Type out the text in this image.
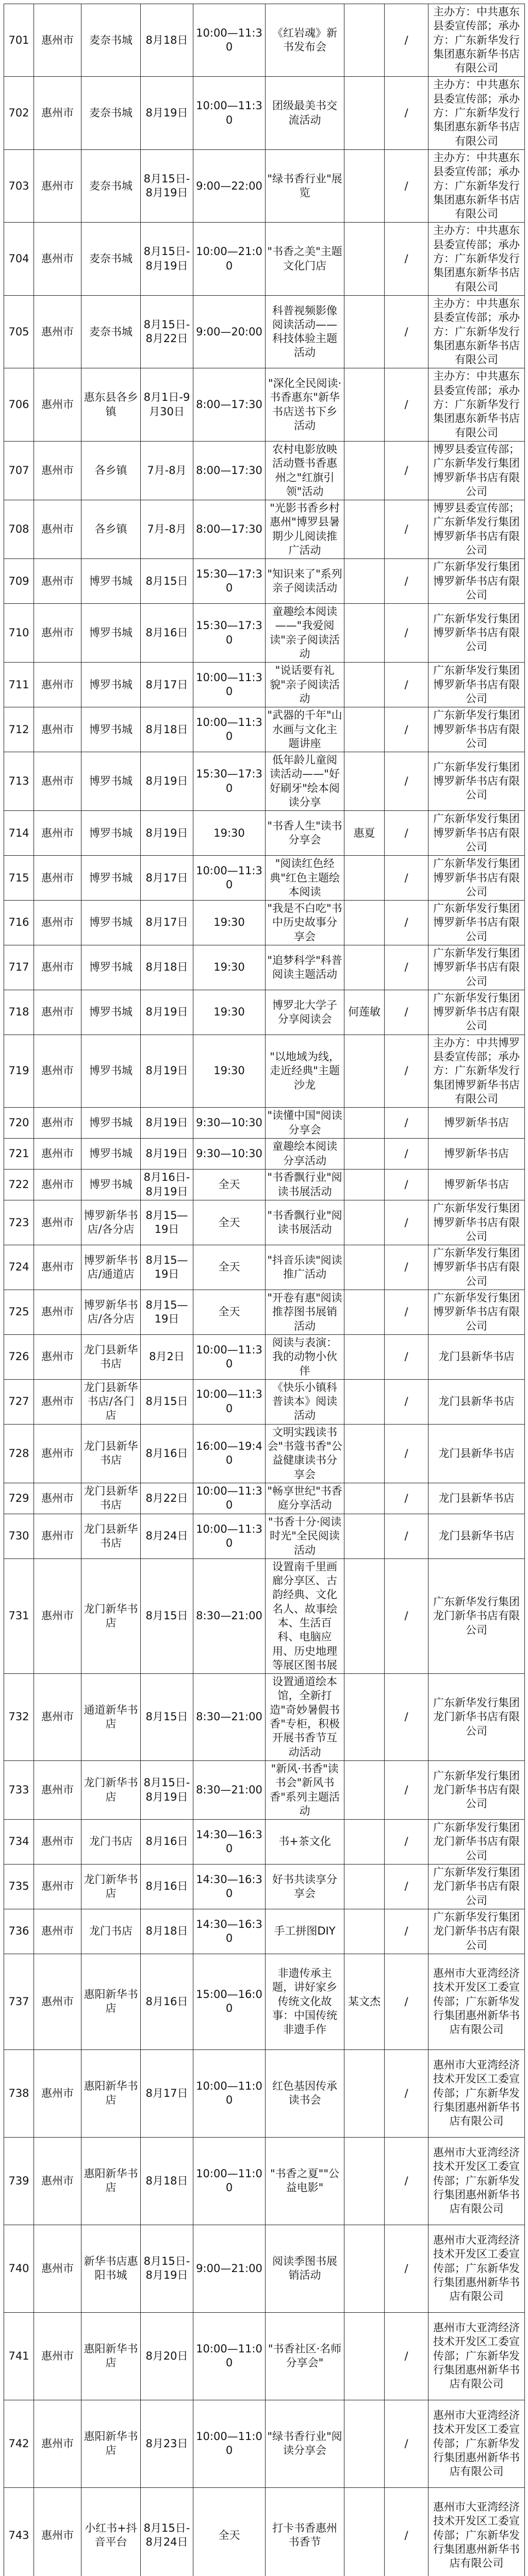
701	惠州市	麦奈书城	8月18日	10:00—11:30	《红岩魂》新书发布会		/	主办方：中共惠东县委宣传部；承办方：广东新华发行集团惠东新华书店有限公司
702	惠州市	麦奈书城	8月19日	10:00—11:30	团级最美书交流活动		/	主办方：中共惠东县委宣传部；承办方：广东新华发行集团惠东新华书店有限公司
703	惠州市	麦奈书城	8月15日-8月19日	9:00—22:00	"绿书香行业"展览		/	主办方：中共惠东县委宣传部；承办方：广东新华发行集团惠东新华书店有限公司
704	惠州市	麦奈书城	8月15日-8月19日	10:00—21:00	"书香之美"主题文化门店		/	主办方：中共惠东县委宣传部；承办方：广东新华发行集团惠东新华书店有限公司
705	惠州市	麦奈书城	8月15日-8月22日	9:00—20:00	科普视频影像阅读活动——科技体验主题活动		/	主办方：中共惠东县委宣传部；承办方：广东新华发行集团惠东新华书店有限公司
706	惠州市	惠东县各乡镇	8月1日-9月30日	8:00—17:30	"深化全民阅读·书香惠东"新华书店送书下乡活动		/	主办方：中共惠东县委宣传部；承办方：广东新华发行集团惠东新华书店有限公司
707	惠州市	各乡镇	7月-8月	8:00—17:30	农村电影放映活动暨书香惠州之"红旗引领"活动		/	博罗县委宣传部；广东新华发行集团博罗新华书店有限公司
708	惠州市	各乡镇	7月-8月	8:00—17:30	"光影书香乡村惠州"博罗县暑期少儿阅读推广活动		/	博罗县委宣传部；广东新华发行集团博罗新华书店有限公司
709	惠州市	博罗书城	8月15日	15:30—17:30	"知识来了"系列亲子阅读活动		/	广东新华发行集团博罗新华书店有限公司
710	惠州市	博罗书城	8月16日	15:30—17:30	童趣绘本阅读——"我爱阅读"亲子阅读活动		/	广东新华发行集团博罗新华书店有限公司
711	惠州市	博罗书城	8月17日	10:00—11:30	"说话要有礼貌"亲子阅读活动		/	广东新华发行集团博罗新华书店有限公司
712	惠州市	博罗书城	8月18日	10:00—11:30	"武器的千年"山水画与文化主题讲座		/	广东新华发行集团博罗新华书店有限公司
713	惠州市	博罗书城	8月19日	15:30—17:30	低年龄儿童阅读活动——"好好刷牙"绘本阅读分享		/	广东新华发行集团博罗新华书店有限公司
714	惠州市	博罗书城	8月19日	19:30	"书香人生"读书分享会	惠夏	/	广东新华发行集团博罗新华书店有限公司
715	惠州市	博罗书城	8月17日	10:00—11:30	"阅读红色经典"红色主题绘本阅读		/	广东新华发行集团博罗新华书店有限公司
716	惠州市	博罗书城	8月17日	19:30	"我是不白吃"书中历史故事分享会		/	广东新华发行集团博罗新华书店有限公司
717	惠州市	博罗书城	8月18日	19:30	"追梦科学"科普阅读主题活动		/	广东新华发行集团博罗新华书店有限公司
718	惠州市	博罗书城	8月19日	19:30	博罗北大学子分享阅读会	何莲敏	/	广东新华发行集团博罗新华书店有限公司
719	惠州市	博罗书城	8月19日	19:30	"以地域为线，走近经典"主题沙龙		/	主办方：中共博罗县委宣传部；承办方：广东新华发行集团博罗新华书店有限公司
720	惠州市	博罗书城	8月19日	9:30—10:30	"读懂中国"阅读分享会		/	博罗新华书店
721	惠州市	博罗书城	8月19日	9:30—10:30	童趣绘本阅读分享活动		/	博罗新华书店
722	惠州市	博罗书城	8月16日-8月19日	全天	"书香飘行业"阅读书展活动		/	博罗新华书店
723	惠州市	博罗新华书店/各分店	8月15—19日	全天	"书香飘行业"阅读书展活动		/	广东新华发行集团博罗新华书店有限公司
724	惠州市	博罗新华书店/通道店	8月15—19日	全天	"抖音乐读"阅读推广活动		/	广东新华发行集团博罗新华书店有限公司
725	惠州市	博罗新华书店/各分店	8月15—19日	全天	"开卷有惠"阅读推荐图书展销活动		/	广东新华发行集团博罗新华书店有限公司
726	惠州市	龙门县新华书店	8月2日	10:00—11:30	阅读与表演：我的动物小伙伴		/	龙门县新华书店
727	惠州市	龙门县新华书店/各门店	8月15日	10:00—11:30	《快乐小镇科普读本》阅读活动		/	龙门县新华书店
728	惠州市	龙门县新华书店	8月16日	16:00—19:40	文明实践读书会"书蔻书香"公益健康读书分享会		/	龙门县新华书店
729	惠州市	龙门县新华书店	8月22日	10:00—11:30	"畅享世纪"书香庭分享活动		/	龙门县新华书店
730	惠州市	龙门县新华书店	8月24日	10:00—11:30	"书香十分·阅读时光"全民阅读活动		/	龙门县新华书店
731	惠州市	龙门新华书店	8月15日	8:30—21:00	设置南千里画廊分享区、古韵经典、文化名人、故事绘本、生活百科、电脑应用、历史地理等展区图书展		/	广东新华发行集团龙门新华书店有限公司
732	惠州市	通道新华书店	8月15日	8:30—21:00	设置通道绘本馆，全新打造"奇妙暑假书香"专柜，积极开展书香节互动活动		/	广东新华发行集团龙门新华书店有限公司
733	惠州市	龙门新华书店	8月15日-8月19日	8:30—21:00	"新风·书香"读书会"新风书香"系列主题活动		/	广东新华发行集团龙门新华书店有限公司
734	惠州市	龙门书店	8月16日	14:30—16:30	书+茶文化		/	广东新华发行集团龙门新华书店有限公司
735	惠州市	龙门新华书店	8月16日	14:30—16:30	好书共读享分享会		/	广东新华发行集团龙门新华书店有限公司
736	惠州市	龙门书店	8月18日	14:30—16:30	手工拼图DIY		/	广东新华发行集团龙门新华书店有限公司
737	惠州市	惠阳新华书店	8月16日	15:00—16:00	非遗传承主题，讲好家乡传统文化故事：中国传统非遗手作	某文杰	/	惠州市大亚湾经济技术开发区工委宣传部；广东新华发行集团惠州新华书店有限公司
738	惠州市	惠阳新华书店	8月17日	10:00—11:00	红色基因传承读书会		/	惠州市大亚湾经济技术开发区工委宣传部；广东新华发行集团惠州新华书店有限公司
739	惠州市	惠阳新华书店	8月18日	10:00—11:00	"书香之夏""公益电影"		/	惠州市大亚湾经济技术开发区工委宣传部；广东新华发行集团惠州新华书店有限公司
740	惠州市	新华书店惠阳书城	8月15日-8月19日	9:00—21:00	阅读季图书展销活动		/	惠州市大亚湾经济技术开发区工委宣传部；广东新华发行集团惠州新华书店有限公司
741	惠州市	惠阳新华书店	8月20日	10:00—11:00	"书香社区·名师分享会"		/	惠州市大亚湾经济技术开发区工委宣传部；广东新华发行集团惠州新华书店有限公司
742	惠州市	惠阳新华书店	8月23日	10:00—11:00	"绿书香行业"阅读分享会		/	惠州市大亚湾经济技术开发区工委宣传部；广东新华发行集团惠州新华书店有限公司
743	惠州市	小红书+抖音平台	8月15日-8月24日	全天	打卡书香惠州书香节		/	惠州市大亚湾经济技术开发区工委宣传部；广东新华发行集团惠州新华书店有限公司
